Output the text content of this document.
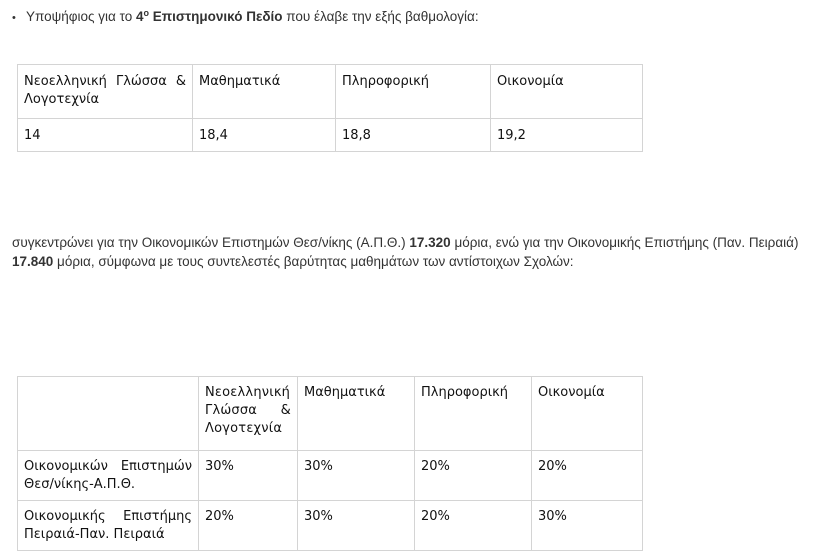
• Υποψήφιος για το $4^o$ Επιστημονικό Πεδίο που έλαβε την εξής βαθμολογία:
Νεοελληνική Γλώσσα & Λογοτεχνία	Μαθηματικά	Πληροφορική	Οικονομία
14	18,4	18,8	19,2
συγκεντρώνει για την Οικονομικών Επιστημών Θεσ/νίκης (Α.Π.Θ.) 17.320 μόρια, ενώ για την Οικονομικής Επιστήμης (Παν. Πειραιά) 17.840 μόρια, σύμφωνα με τους συντελεστές βαρύτητας μαθημάτων των αντίστοιχων Σχολών:
	Νεοελληνική Γλώσσα & Λογοτεχνία	Μαθηματικά	Πληροφορική	Οικονομία
Οικονομικών Επιστημών Θεσ/νίκης-Α.Π.Θ.	30%	30%	20%	20%
Οικονομικής Επιστήμης Πειραιά-Παν. Πειραιά	20%	30%	20%	30%
